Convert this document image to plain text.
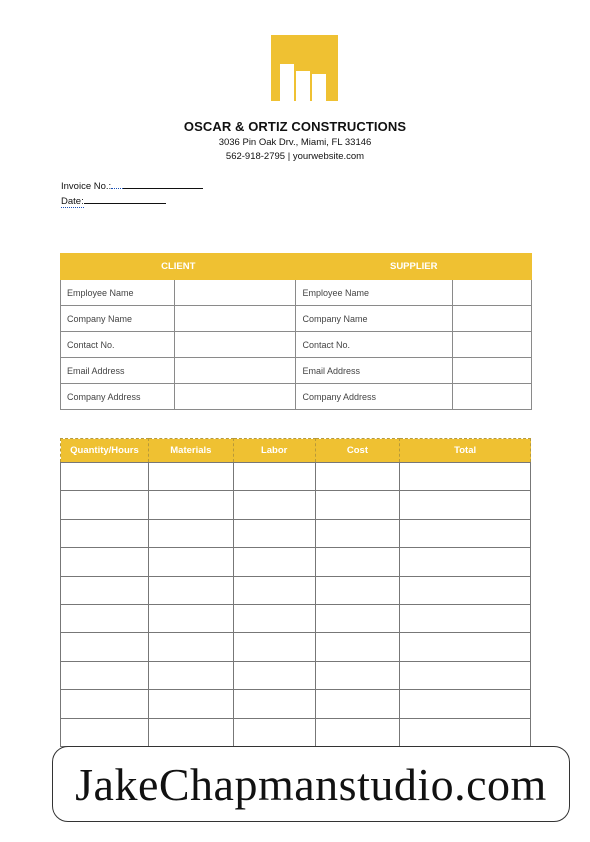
OSCAR & ORTIZ CONSTRUCTIONS
3036 Pin Oak Drv., Miami, FL 33146
562-918-2795 | yourwebsite.com
Invoice No.:
Date:
CLIENT		SUPPLIER	
Employee Name		Employee Name	
Company Name		Company Name	
Contact No.		Contact No.	
Email Address		Email Address	
Company Address		Company Address	
Quantity/Hours	Materials	Labor	Cost	Total

JakeChapmanstudio.com
